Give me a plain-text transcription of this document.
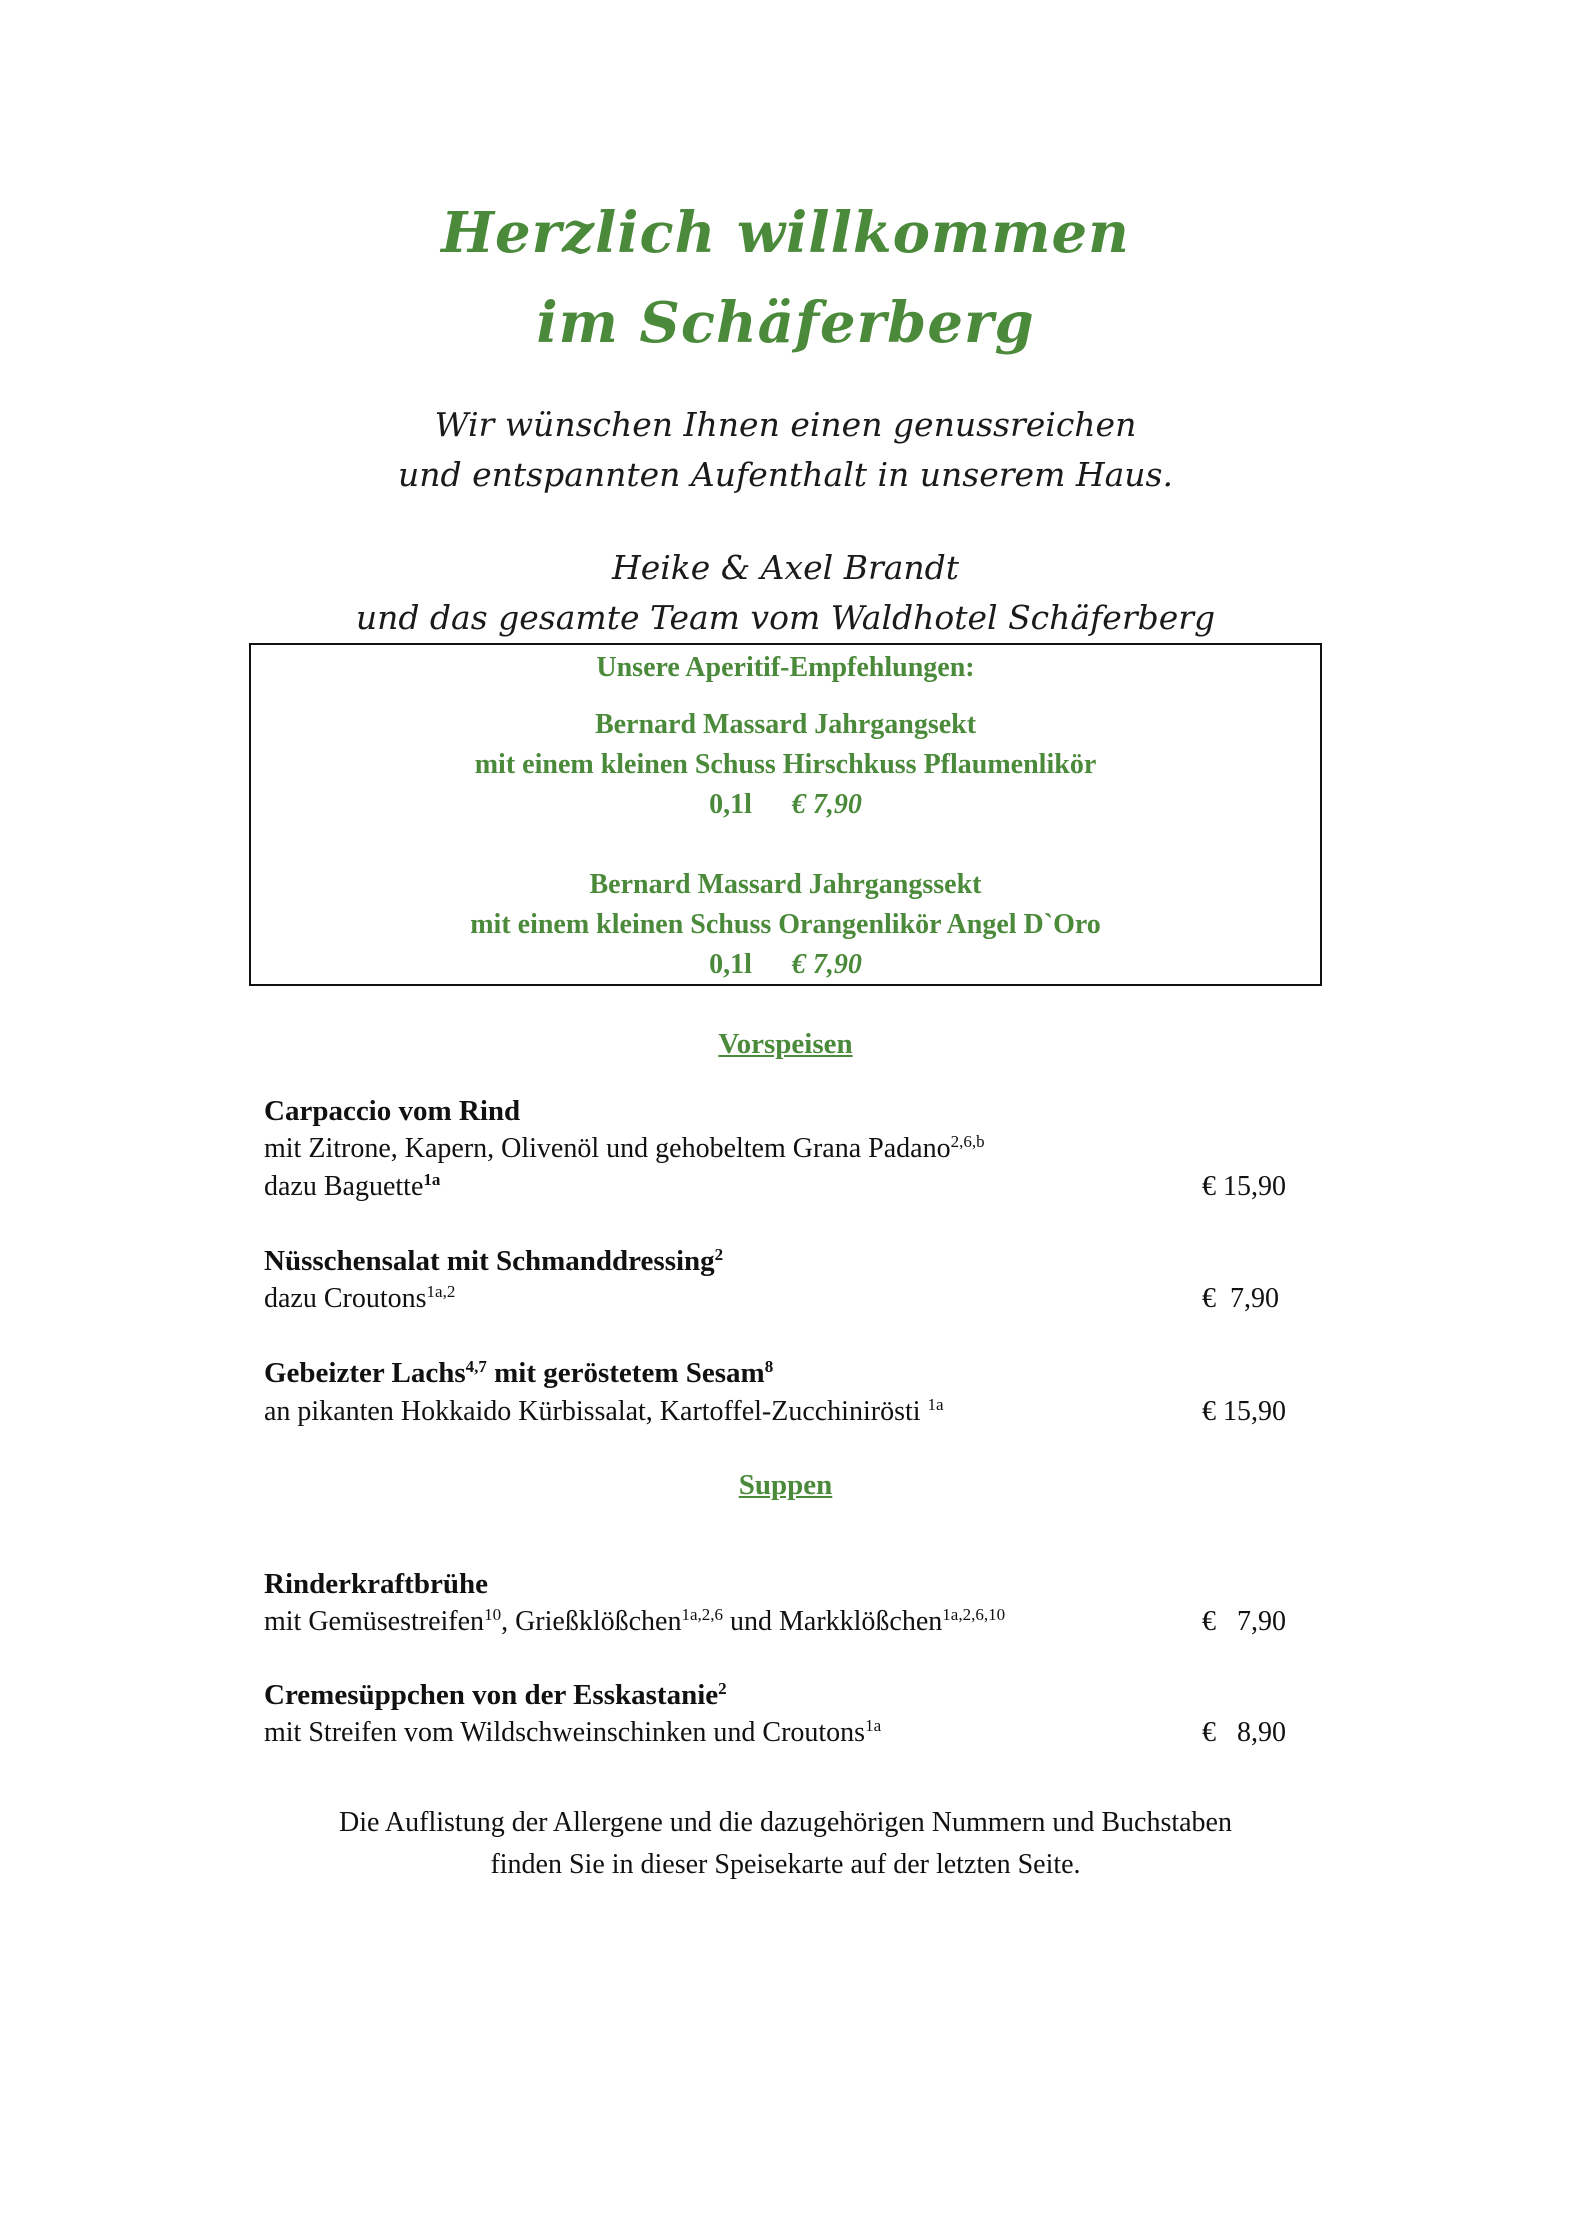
Herzlich willkommen
im Schäferberg
Wir wünschen Ihnen einen genussreichen
und entspannten Aufenthalt in unserem Haus.
Heike & Axel Brandt
und das gesamte Team vom Waldhotel Schäferberg
Unsere Aperitif-Empfehlungen:
Bernard Massard Jahrgangsekt
mit einem kleinen Schuss Hirschkuss Pflaumenlikör
0,1l € 7,90
Bernard Massard Jahrgangssekt
mit einem kleinen Schuss Orangenlikör Angel D`Oro
0,1l € 7,90
Vorspeisen
Carpaccio vom Rind
mit Zitrone, Kapern, Olivenöl und gehobeltem Grana Padano$^{2,6,b}$
dazu Baguette$^{1a}$	€ 15,90
Nüsschensalat mit Schmanddressing$^2$
dazu Croutons$^{1a,2}$	€  7,90
Gebeizter Lachs$^{4,7}$ mit geröstetem Sesam$^8$
an pikanten Hokkaido Kürbissalat, Kartoffel-Zucchinirösti $^{1a}$	€ 15,90
Suppen
Rinderkraftbrühe
mit Gemüsestreifen$^{10}$, Grießklößchen$^{1a,2,6}$ und Markklößchen$^{1a,2,6,10}$	€   7,90
Cremesüppchen von der Esskastanie$^2$
mit Streifen vom Wildschweinschinken und Croutons$^{1a}$	€   8,90
Die Auflistung der Allergene und die dazugehörigen Nummern und Buchstaben
finden Sie in dieser Speisekarte auf der letzten Seite.
